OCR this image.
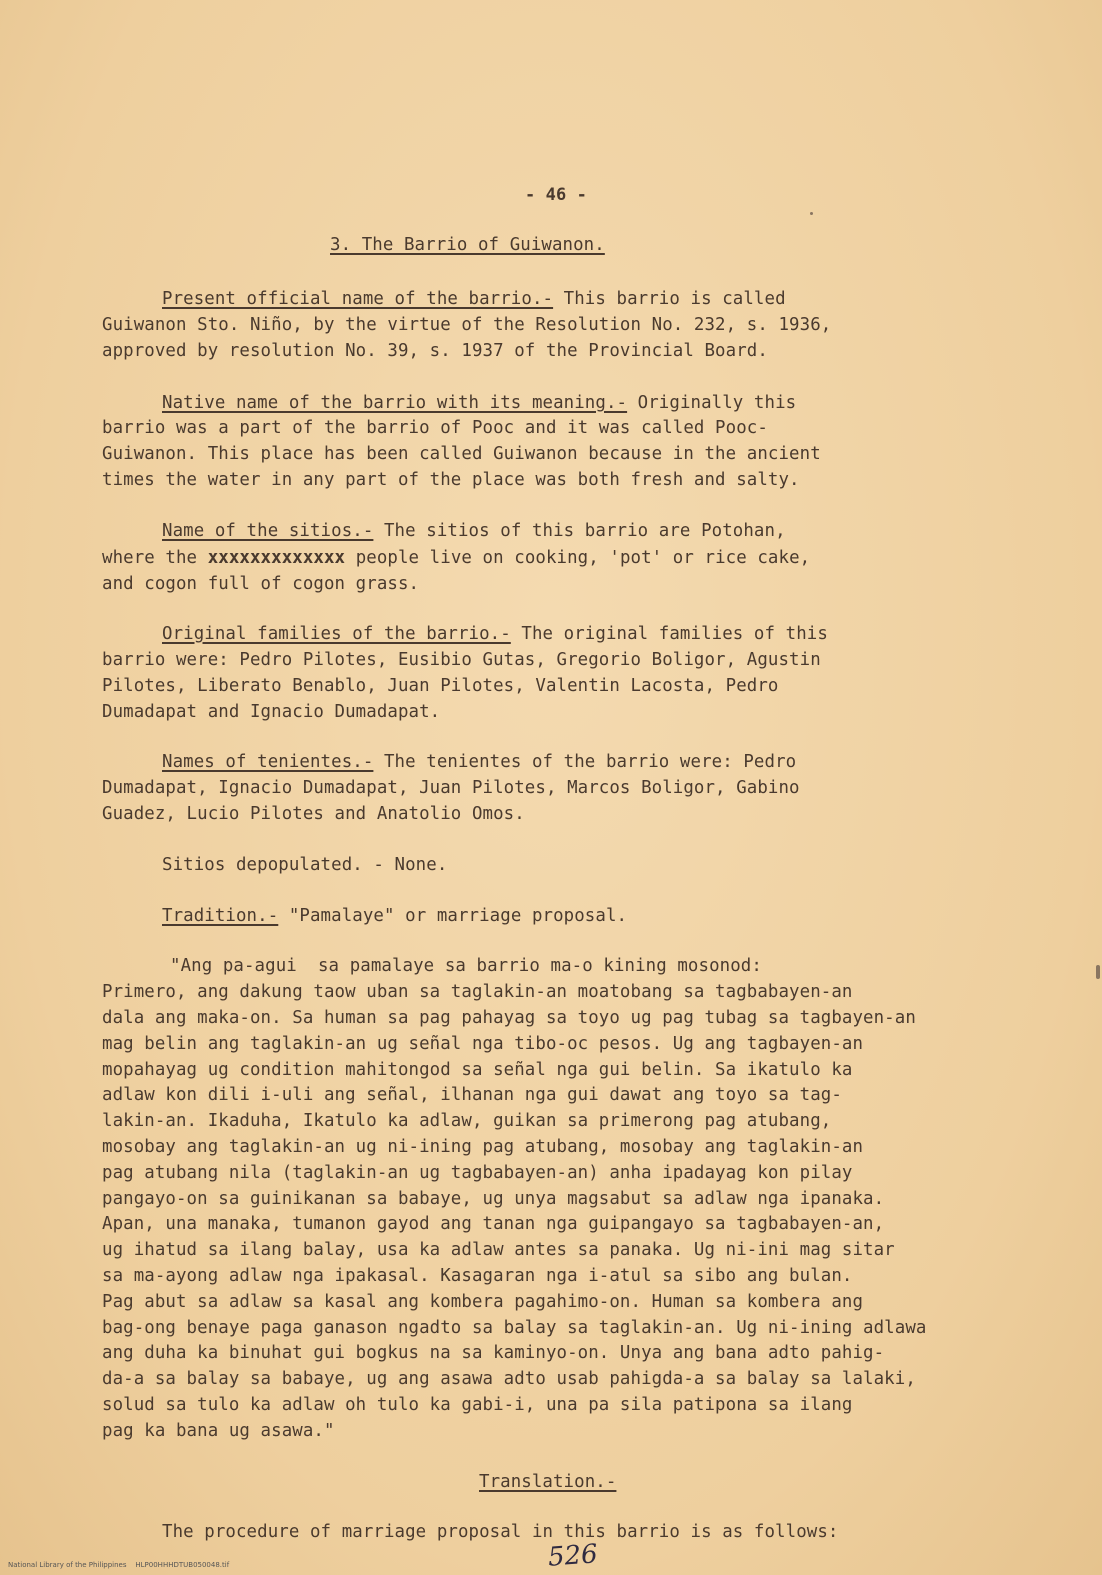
- 46 -
3. The Barrio of Guiwanon.
Present official name of the barrio.- This barrio is called
Guiwanon Sto. Niño, by the virtue of the Resolution No. 232, s. 1936,
approved by resolution No. 39, s. 1937 of the Provincial Board.
Native name of the barrio with its meaning.- Originally this
barrio was a part of the barrio of Pooc and it was called Pooc-
Guiwanon. This place has been called Guiwanon because in the ancient
times the water in any part of the place was both fresh and salty.
Name of the sitios.- The sitios of this barrio are Potohan,
where the xxxxxxxxxxxxx people live on cooking, 'pot' or rice cake,
and cogon full of cogon grass.
Original families of the barrio.- The original families of this
barrio were: Pedro Pilotes, Eusibio Gutas, Gregorio Boligor, Agustin
Pilotes, Liberato Benablo, Juan Pilotes, Valentin Lacosta, Pedro
Dumadapat and Ignacio Dumadapat.
Names of tenientes.- The tenientes of the barrio were: Pedro
Dumadapat, Ignacio Dumadapat, Juan Pilotes, Marcos Boligor, Gabino
Guadez, Lucio Pilotes and Anatolio Omos.
Sitios depopulated. - None.
Tradition.- "Pamalaye" or marriage proposal.
"Ang pa-agui  sa pamalaye sa barrio ma-o kining mosonod:
Primero, ang dakung taow uban sa taglakin-an moatobang sa tagbabayen-an
dala ang maka-on. Sa human sa pag pahayag sa toyo ug pag tubag sa tagbayen-an
mag belin ang taglakin-an ug señal nga tibo-oc pesos. Ug ang tagbayen-an
mopahayag ug condition mahitongod sa señal nga gui belin. Sa ikatulo ka
adlaw kon dili i-uli ang señal, ilhanan nga gui dawat ang toyo sa tag-
lakin-an. Ikaduha, Ikatulo ka adlaw, guikan sa primerong pag atubang,
mosobay ang taglakin-an ug ni-ining pag atubang, mosobay ang taglakin-an
pag atubang nila (taglakin-an ug tagbabayen-an) anha ipadayag kon pilay
pangayo-on sa guinikanan sa babaye, ug unya magsabut sa adlaw nga ipanaka.
Apan, una manaka, tumanon gayod ang tanan nga guipangayo sa tagbabayen-an,
ug ihatud sa ilang balay, usa ka adlaw antes sa panaka. Ug ni-ini mag sitar
sa ma-ayong adlaw nga ipakasal. Kasagaran nga i-atul sa sibo ang bulan.
Pag abut sa adlaw sa kasal ang kombera pagahimo-on. Human sa kombera ang
bag-ong benaye paga ganason ngadto sa balay sa taglakin-an. Ug ni-ining adlawa
ang duha ka binuhat gui bogkus na sa kaminyo-on. Unya ang bana adto pahig-
da-a sa balay sa babaye, ug ang asawa adto usab pahigda-a sa balay sa lalaki,
solud sa tulo ka adlaw oh tulo ka gabi-i, una pa sila patipona sa ilang
pag ka bana ug asawa."
Translation.-
The procedure of marriage proposal in this barrio is as follows:
526
National Library of the Philippines    HLP00HHHDTUB050048.tif
